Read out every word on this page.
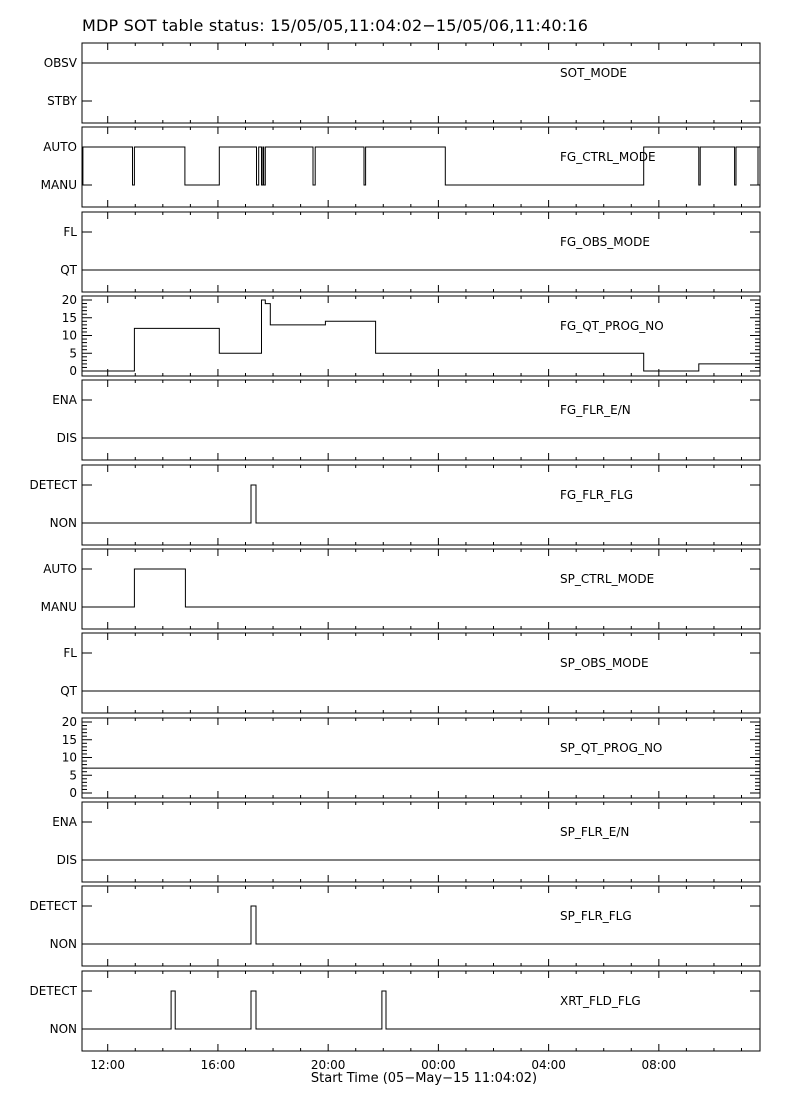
MDP SOT table status: 15/05/05,11:04:02−15/05/06,11:40:16
OBSV
STBY
SOT_MODE
AUTO
MANU
FG_CTRL_MODE
FL
QT
FG_OBS_MODE
0
5
10
15
20
FG_QT_PROG_NO
ENA
DIS
FG_FLR_E/N
DETECT
NON
FG_FLR_FLG
AUTO
MANU
SP_CTRL_MODE
FL
QT
SP_OBS_MODE
0
5
10
15
20
SP_QT_PROG_NO
ENA
DIS
SP_FLR_E/N
DETECT
NON
SP_FLR_FLG
DETECT
NON
XRT_FLD_FLG
12:00	16:00	20:00	00:00	04:00	08:00
Start Time (05−May−15 11:04:02)
